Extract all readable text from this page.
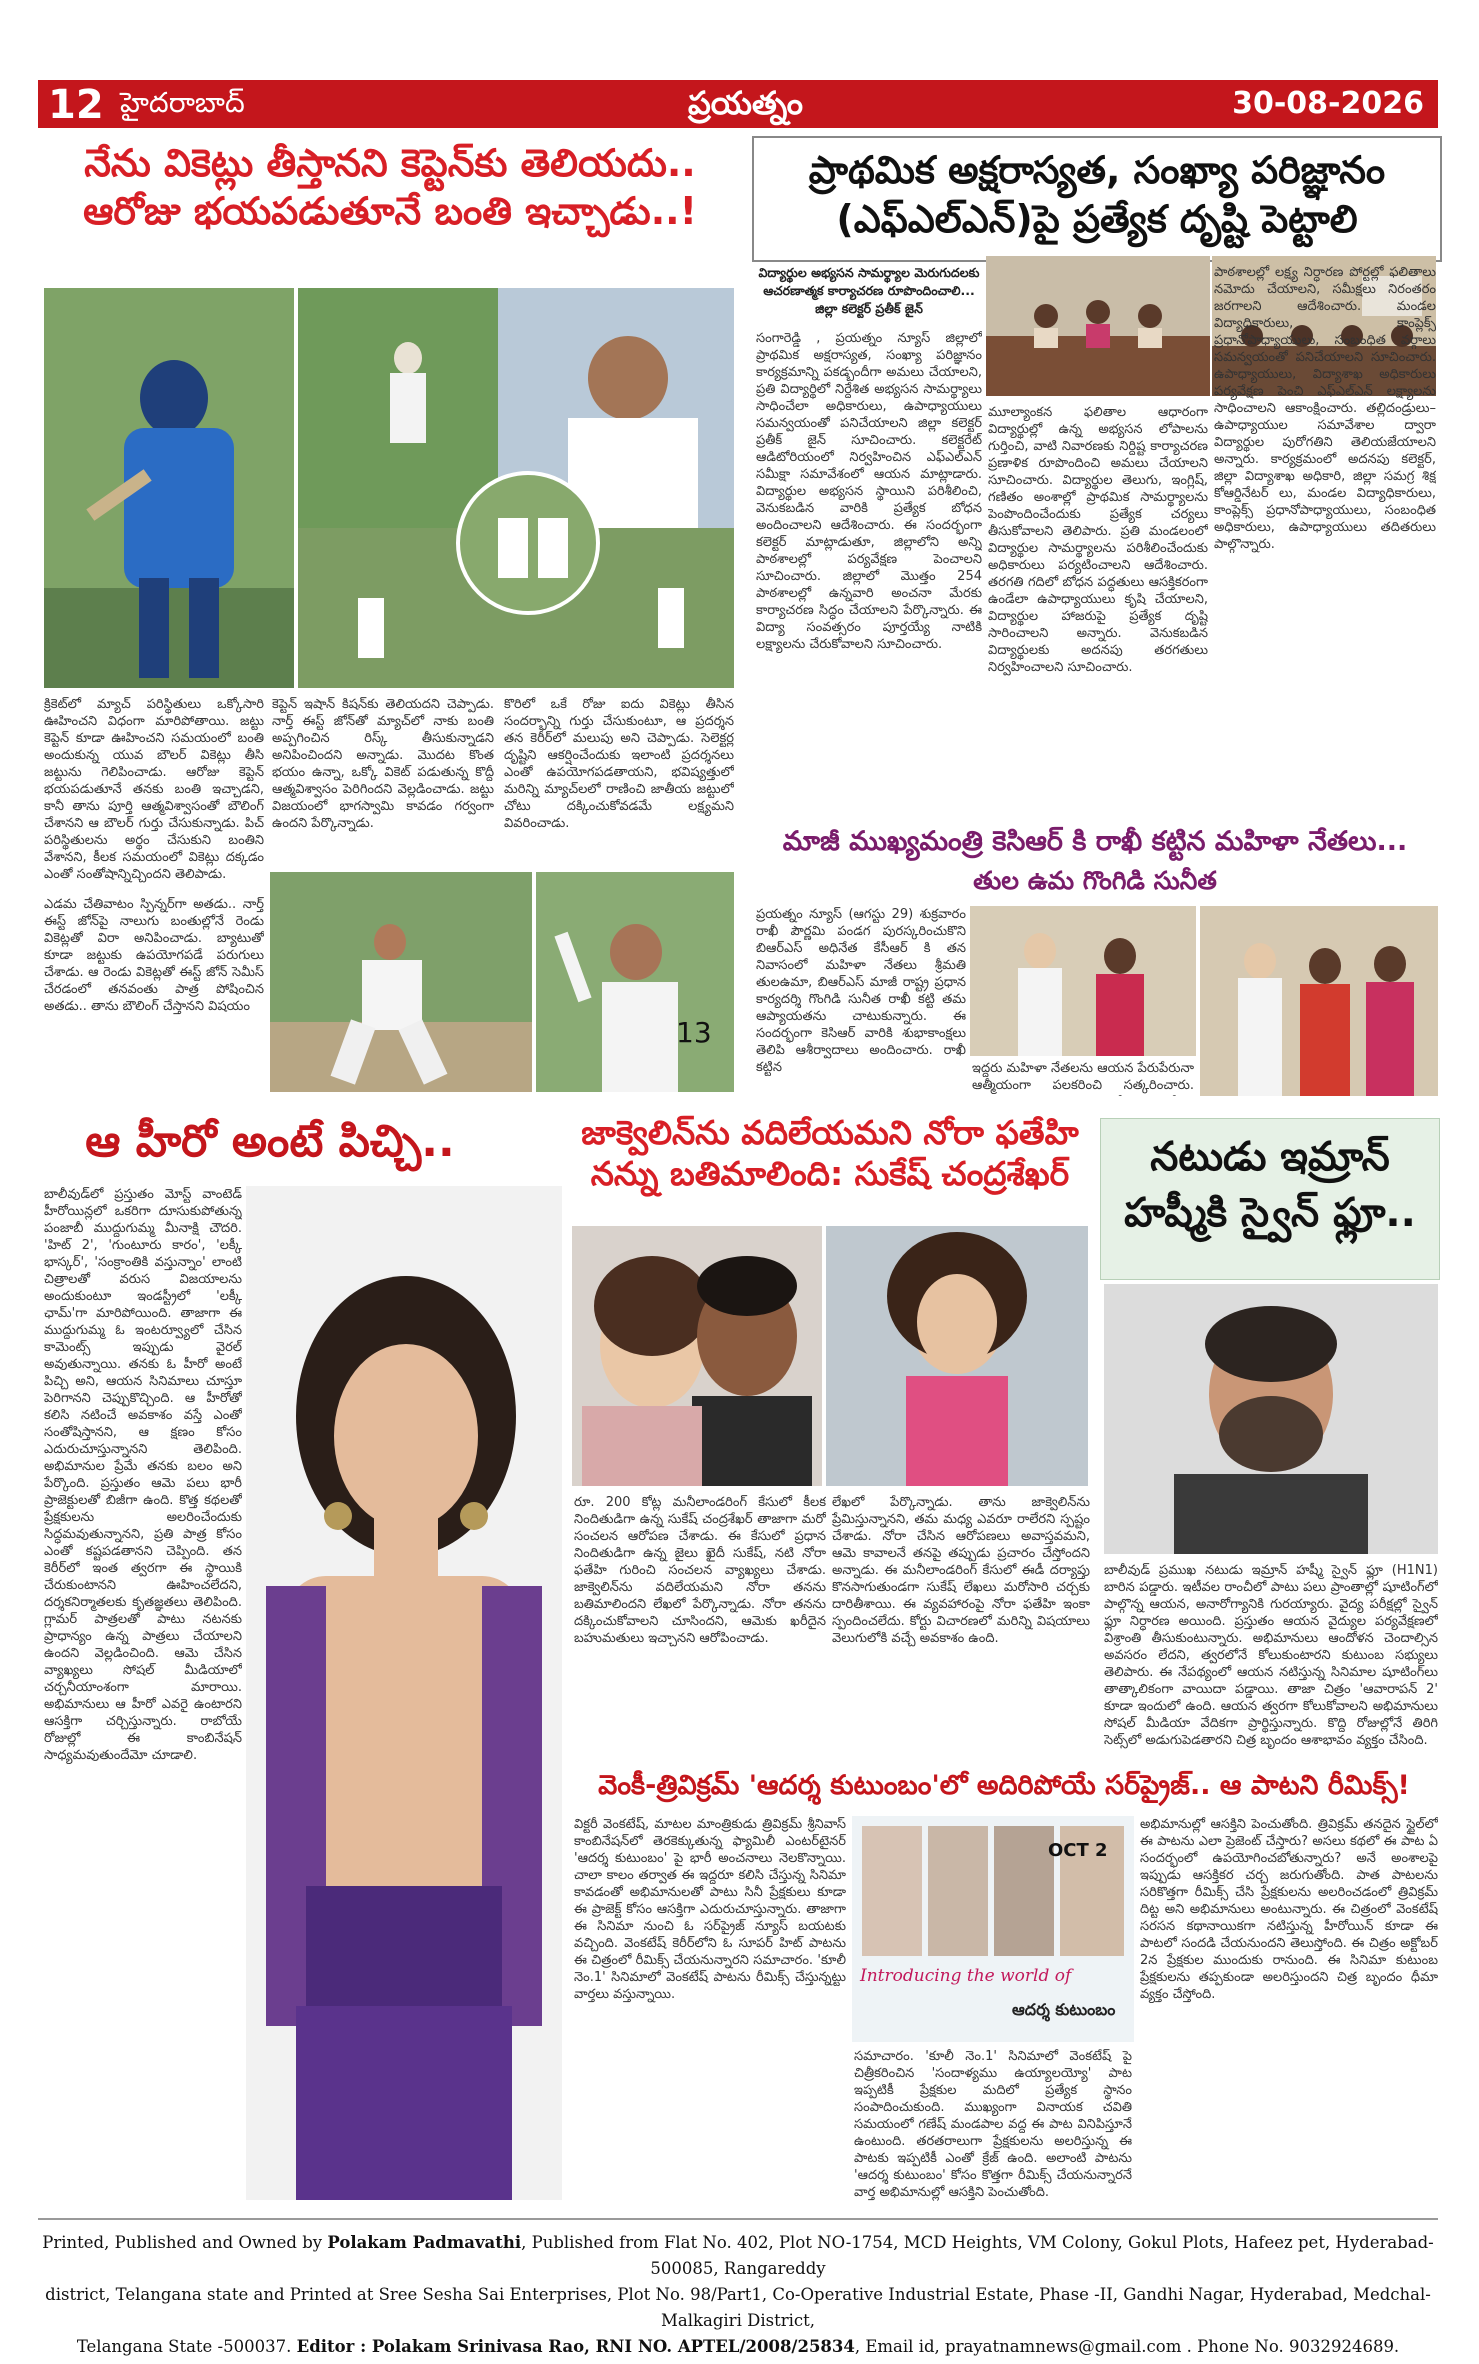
12 హైదరాబాద్	ప్రయత్నం	30-08-2026
నేను వికెట్లు తీస్తానని కెప్టెన్‌కు తెలియదు..
ఆరోజు భయపడుతూనే బంతి ఇచ్చాడు..!
క్రికెట్‌లో మ్యాచ్ పరిస్థితులు ఒక్కోసారి ఊహించని విధంగా మారిపోతాయి. జట్టు కెప్టెన్ కూడా ఊహించని సమయంలో బంతి అందుకున్న యువ బౌలర్ వికెట్లు తీసి జట్టును గెలిపించాడు. ఆరోజు కెప్టెన్ భయపడుతూనే తనకు బంతి ఇచ్చాడని, కానీ తాను పూర్తి ఆత్మవిశ్వాసంతో బౌలింగ్ చేశానని ఆ బౌలర్ గుర్తు చేసుకున్నాడు. పిచ్ పరిస్థితులను అర్థం చేసుకుని బంతిని వేశానని, కీలక సమయంలో వికెట్లు దక్కడం ఎంతో సంతోషాన్నిచ్చిందని తెలిపాడు.
కెప్టెన్ ఇషాన్ కిషన్‌కు తెలియదని చెప్పాడు. నార్త్ ఈస్ట్ జోన్‌తో మ్యాచ్‌లో నాకు బంతి అప్పగించిన రిస్క్ తీసుకున్నాడని అనిపించిందని అన్నాడు. మొదట కొంత భయం ఉన్నా, ఒక్కో వికెట్ పడుతున్న కొద్దీ ఆత్మవిశ్వాసం పెరిగిందని వెల్లడించాడు. జట్టు విజయంలో భాగస్వామి కావడం గర్వంగా ఉందని పేర్కొన్నాడు.
కొరిలో ఒకే రోజు ఐదు వికెట్లు తీసిన సందర్భాన్ని గుర్తు చేసుకుంటూ, ఆ ప్రదర్శన తన కెరీర్‌లో మలుపు అని చెప్పాడు. సెలెక్టర్ల దృష్టిని ఆకర్షించేందుకు ఇలాంటి ప్రదర్శనలు ఎంతో ఉపయోగపడతాయని, భవిష్యత్తులో మరిన్ని మ్యాచ్‌లలో రాణించి జాతీయ జట్టులో చోటు దక్కించుకోవడమే లక్ష్యమని వివరించాడు.
ఎడమ చేతివాటం స్పిన్నర్‌గా అతడు.. నార్త్ ఈస్ట్ జోన్‌పై నాలుగు బంతుల్లోనే రెండు వికెట్లతో విరా అనిపించాడు. బ్యాటుతో కూడా జట్టుకు ఉపయోగపడే పరుగులు చేశాడు. ఆ రెండు వికెట్లతో ఈస్ట్ జోన్ సెమీస్ చేరడంలో తనవంతు పాత్ర పోషించిన అతడు.. తాను బౌలింగ్ చేస్తానని విషయం
13
ప్రాథమిక అక్షరాస్యత, సంఖ్యా పరిజ్ఞానం
(ఎఫ్ఎల్ఎన్)పై ప్రత్యేక దృష్టి పెట్టాలి
విద్యార్థుల అభ్యసన సామర్థ్యాల మెరుగుదలకు ఆచరణాత్మక కార్యాచరణ రూపొందించాలి... జిల్లా కలెక్టర్ ప్రతీక్ జైన్
సంగారెడ్డి , ప్రయత్నం న్యూస్ జిల్లాలో ప్రాథమిక అక్షరాస్యత, సంఖ్యా పరిజ్ఞానం కార్యక్రమాన్ని పకడ్బందీగా అమలు చేయాలని, ప్రతి విద్యార్థిలో నిర్దేశిత అభ్యసన సామర్థ్యాలు సాధించేలా అధికారులు, ఉపాధ్యాయులు సమన్వయంతో పనిచేయాలని జిల్లా కలెక్టర్ ప్రతీక్ జైన్ సూచించారు. కలెక్టరేట్ ఆడిటోరియంలో నిర్వహించిన ఎఫ్ఎల్ఎన్ సమీక్షా సమావేశంలో ఆయన మాట్లాడారు. విద్యార్థుల అభ్యసన స్థాయిని పరిశీలించి, వెనుకబడిన వారికి ప్రత్యేక బోధన అందించాలని ఆదేశించారు. ఈ సందర్భంగా కలెక్టర్ మాట్లాడుతూ, జిల్లాలోని అన్ని పాఠశాలల్లో పర్యవేక్షణ పెంచాలని సూచించారు. జిల్లాలో మొత్తం 254 పాఠశాలల్లో ఉన్నవారి అంచనా మేరకు కార్యాచరణ సిద్ధం చేయాలని పేర్కొన్నారు. ఈ విద్యా సంవత్సరం పూర్తయ్యే నాటికి లక్ష్యాలను చేరుకోవాలని సూచించారు.
మూల్యాంకన ఫలితాల ఆధారంగా విద్యార్థుల్లో ఉన్న అభ్యసన లోపాలను గుర్తించి, వాటి నివారణకు నిర్దిష్ట కార్యాచరణ ప్రణాళిక రూపొందించి అమలు చేయాలని సూచించారు. విద్యార్థుల తెలుగు, ఇంగ్లిష్, గణితం అంశాల్లో ప్రాథమిక సామర్థ్యాలను పెంపొందించేందుకు ప్రత్యేక చర్యలు తీసుకోవాలని తెలిపారు. ప్రతి మండలంలో విద్యార్థుల సామర్థ్యాలను పరిశీలించేందుకు అధికారులు పర్యటించాలని ఆదేశించారు. తరగతి గదిలో బోధన పద్ధతులు ఆసక్తికరంగా ఉండేలా ఉపాధ్యాయులు కృషి చేయాలని, విద్యార్థుల హాజరుపై ప్రత్యేక దృష్టి సారించాలని అన్నారు. వెనుకబడిన విద్యార్థులకు అదనపు తరగతులు నిర్వహించాలని సూచించారు.
పాఠశాలల్లో లక్ష్య నిర్ధారణ పోర్టల్లో ఫలితాలు నమోదు చేయాలని, సమీక్షలు నిరంతరం జరగాలని ఆదేశించారు. మండల విద్యాధికారులు, కాంప్లెక్స్ ప్రధానోపాధ్యాయులు, సంబంధిత వర్గాలు సమన్వయంతో పనిచేయాలని సూచించారు. ఉపాధ్యాయులు, విద్యాశాఖ అధికారులు పర్యవేక్షణ పెంచి ఎఫ్ఎల్ఎన్ లక్ష్యాలను సాధించాలని ఆకాంక్షించారు. తల్లిదండ్రులు–ఉపాధ్యాయుల సమావేశాల ద్వారా విద్యార్థుల పురోగతిని తెలియజేయాలని అన్నారు. కార్యక్రమంలో అదనపు కలెక్టర్, జిల్లా విద్యాశాఖ అధికారి, జిల్లా సమగ్ర శిక్ష కోఆర్డినేటర్ లు, మండల విద్యాధికారులు, కాంప్లెక్స్ ప్రధానోపాధ్యాయులు, సంబంధిత అధికారులు, ఉపాధ్యాయులు తదితరులు పాల్గొన్నారు.
మాజీ ముఖ్యమంత్రి కెసిఆర్ కి రాఖీ కట్టిన మహిళా నేతలు...
తుల ఉమ గొంగిడి సునీత
ప్రయత్నం న్యూస్ (ఆగస్టు 29) శుక్రవారం రాఖీ పౌర్ణమి పండగ పురస్కరించుకొని బిఆర్ఎస్ అధినేత కేసీఆర్ కి తన నివాసంలో మహిళా నేతలు శ్రీమతి తులఉమా, బిఆర్ఎస్ మాజీ రాష్ట్ర ప్రధాన కార్యదర్శి గొంగిడి సునీత రాఖీ కట్టి తమ ఆప్యాయతను చాటుకున్నారు. ఈ సందర్భంగా కెసిఆర్ వారికి శుభాకాంక్షలు తెలిపి ఆశీర్వాదాలు అందించారు. రాఖీ కట్టిన	ఇద్దరు మహిళా నేతలను ఆయన పేరుపేరునా ఆత్మీయంగా పలకరించి సత్కరించారు.
ఆ హీరో అంటే పిచ్చి..
బాలీవుడ్‌లో ప్రస్తుతం మోస్ట్ వాంటెడ్ హీరోయిన్లలో ఒకరిగా దూసుకుపోతున్న పంజాబీ ముద్దుగుమ్మ మీనాక్షి చౌదరి. 'హిట్ 2', 'గుంటూరు కారం', 'లక్కీ భాస్కర్', 'సంక్రాంతికి వస్తున్నాం' లాంటి చిత్రాలతో వరుస విజయాలను అందుకుంటూ ఇండస్ట్రీలో 'లక్కీ ఛామ్'గా మారిపోయింది. తాజాగా ఈ ముద్దుగుమ్మ ఓ ఇంటర్వ్యూలో చేసిన కామెంట్స్ ఇప్పుడు వైరల్ అవుతున్నాయి. తనకు ఓ హీరో అంటే పిచ్చి అని, ఆయన సినిమాలు చూస్తూ పెరిగానని చెప్పుకొచ్చింది. ఆ హీరోతో కలిసి నటించే అవకాశం వస్తే ఎంతో సంతోషిస్తానని, ఆ క్షణం కోసం ఎదురుచూస్తున్నానని తెలిపింది. అభిమానుల ప్రేమే తనకు బలం అని పేర్కొంది. ప్రస్తుతం ఆమె పలు భారీ ప్రాజెక్టులతో బిజీగా ఉంది. కొత్త కథలతో ప్రేక్షకులను అలరించేందుకు సిద్ధమవుతున్నానని, ప్రతి పాత్ర కోసం ఎంతో కష్టపడతానని చెప్పింది. తన కెరీర్‌లో ఇంత త్వరగా ఈ స్థాయికి చేరుకుంటానని ఊహించలేదని, దర్శకనిర్మాతలకు కృతజ్ఞతలు తెలిపింది. గ్లామర్ పాత్రలతో పాటు నటనకు ప్రాధాన్యం ఉన్న పాత్రలు చేయాలని ఉందని వెల్లడించింది. ఆమె చేసిన వ్యాఖ్యలు సోషల్ మీడియాలో చర్చనీయాంశంగా మారాయి. అభిమానులు ఆ హీరో ఎవరై ఉంటారని ఆసక్తిగా చర్చిస్తున్నారు. రాబోయే రోజుల్లో ఈ కాంబినేషన్ సాధ్యమవుతుందేమో చూడాలి.
జాక్వెలిన్‌ను వదిలేయమని నోరా ఫతేహి
నన్ను బతిమాలింది: సుకేష్ చంద్రశేఖర్
రూ. 200 కోట్ల మనీలాండరింగ్ కేసులో కీలక నిందితుడిగా ఉన్న సుకేష్ చంద్రశేఖర్ తాజాగా మరో సంచలన ఆరోపణ చేశాడు. ఈ కేసులో ప్రధాన నిందితుడిగా ఉన్న జైలు ఖైదీ సుకేష్, నటి నోరా ఫతేహి గురించి సంచలన వ్యాఖ్యలు చేశాడు. జాక్వెలిన్‌ను వదిలేయమని నోరా తనను బతిమాలిందని లేఖలో పేర్కొన్నాడు. నోరా తనను దక్కించుకోవాలని చూసిందని, ఆమెకు ఖరీదైన బహుమతులు ఇచ్చానని ఆరోపించాడు.
లేఖలో పేర్కొన్నాడు. తాను జాక్వెలిన్‌ను ప్రేమిస్తున్నానని, తమ మధ్య ఎవరూ రాలేరని స్పష్టం చేశాడు. నోరా చేసిన ఆరోపణలు అవాస్తవమని, ఆమె కావాలనే తనపై తప్పుడు ప్రచారం చేస్తోందని అన్నాడు. ఈ మనీలాండరింగ్ కేసులో ఈడీ దర్యాప్తు కొనసాగుతుండగా సుకేష్ లేఖలు మరోసారి చర్చకు దారితీశాయి. ఈ వ్యవహారంపై నోరా ఫతేహి ఇంకా స్పందించలేదు. కోర్టు విచారణలో మరిన్ని విషయాలు వెలుగులోకి వచ్చే అవకాశం ఉంది.
నటుడు ఇమ్రాన్
హష్మీకి స్వైన్ ఫ్లూ..
బాలీవుడ్ ప్రముఖ నటుడు ఇమ్రాన్ హష్మీ స్వైన్ ఫ్లూ (H1N1) బారిన పడ్డారు. ఇటీవల రాంచీలో పాటు పలు ప్రాంతాల్లో షూటింగ్‌లో పాల్గొన్న ఆయన, అనారోగ్యానికి గురయ్యారు. వైద్య పరీక్షల్లో స్వైన్ ఫ్లూ నిర్ధారణ అయింది. ప్రస్తుతం ఆయన వైద్యుల పర్యవేక్షణలో విశ్రాంతి తీసుకుంటున్నారు. అభిమానులు ఆందోళన చెందాల్సిన అవసరం లేదని, త్వరలోనే కోలుకుంటారని కుటుంబ సభ్యులు తెలిపారు. ఈ నేపథ్యంలో ఆయన నటిస్తున్న సినిమాల షూటింగ్‌లు తాత్కాలికంగా వాయిదా పడ్డాయి. తాజా చిత్రం 'ఆవారాపన్ 2' కూడా ఇందులో ఉంది. ఆయన త్వరగా కోలుకోవాలని అభిమానులు సోషల్ మీడియా వేదికగా ప్రార్థిస్తున్నారు. కొద్ది రోజుల్లోనే తిరిగి సెట్స్‌లో అడుగుపెడతారని చిత్ర బృందం ఆశాభావం వ్యక్తం చేసింది.
వెంకీ-త్రివిక్రమ్ 'ఆదర్శ కుటుంబం'లో అదిరిపోయే సర్‌ప్రైజ్.. ఆ పాటని రీమిక్స్!
విక్టరీ వెంకటేష్, మాటల మాంత్రికుడు త్రివిక్రమ్ శ్రీనివాస్ కాంబినేషన్‌లో తెరకెక్కుతున్న ఫ్యామిలీ ఎంటర్‌టైనర్ 'ఆదర్శ కుటుంబం' పై భారీ అంచనాలు నెలకొన్నాయి. చాలా కాలం తర్వాత ఈ ఇద్దరూ కలిసి చేస్తున్న సినిమా కావడంతో అభిమానులతో పాటు సినీ ప్రేక్షకులు కూడా ఈ ప్రాజెక్ట్ కోసం ఆసక్తిగా ఎదురుచూస్తున్నారు. తాజాగా ఈ సినిమా నుంచి ఓ సర్‌ప్రైజ్ న్యూస్ బయటకు వచ్చింది. వెంకటేష్ కెరీర్‌లోని ఓ సూపర్ హిట్ పాటను ఈ చిత్రంలో రీమిక్స్ చేయనున్నారని సమాచారం. 'కూలీ నెం.1' సినిమాలో వెంకటేష్ పాటను రీమిక్స్ చేస్తున్నట్టు వార్తలు వస్తున్నాయి.
OCT 2
Introducing the world of
ఆదర్శ కుటుంబం
సమాచారం. 'కూలీ నెం.1' సినిమాలో వెంకటేష్ పై చిత్రీకరించిన 'సందాళ్యము ఉయ్యాలయ్యో' పాట ఇప్పటికీ ప్రేక్షకుల మదిలో ప్రత్యేక స్థానం సంపాదించుకుంది. ముఖ్యంగా వినాయక చవితి సమయంలో గణేష్ మండపాల వద్ద ఈ పాట వినిపిస్తూనే ఉంటుంది. తరతరాలుగా ప్రేక్షకులను అలరిస్తున్న ఈ పాటకు ఇప్పటికీ ఎంతో క్రేజ్ ఉంది. అలాంటి పాటను 'ఆదర్శ కుటుంబం' కోసం కొత్తగా రీమిక్స్ చేయనున్నారనే వార్త అభిమానుల్లో ఆసక్తిని పెంచుతోంది.
అభిమానుల్లో ఆసక్తిని పెంచుతోంది. త్రివిక్రమ్ తనదైన స్టైల్‌లో ఈ పాటను ఎలా ప్రెజెంట్ చేస్తారు? అసలు కథలో ఈ పాట ఏ సందర్భంలో ఉపయోగించబోతున్నారు? అనే అంశాలపై ఇప్పుడు ఆసక్తికర చర్చ జరుగుతోంది. పాత పాటలను సరికొత్తగా రీమిక్స్ చేసి ప్రేక్షకులను అలరించడంలో త్రివిక్రమ్ దిట్ట అని అభిమానులు అంటున్నారు. ఈ చిత్రంలో వెంకటేష్ సరసన కథానాయికగా నటిస్తున్న హీరోయిన్ కూడా ఈ పాటలో సందడి చేయనుందని తెలుస్తోంది. ఈ చిత్రం అక్టోబర్ 2న ప్రేక్షకుల ముందుకు రానుంది. ఈ సినిమా కుటుంబ ప్రేక్షకులను తప్పకుండా అలరిస్తుందని చిత్ర బృందం ధీమా వ్యక్తం చేస్తోంది.
Printed, Published and Owned by Polakam Padmavathi, Published from Flat No. 402, Plot NO-1754, MCD Heights, VM Colony, Gokul Plots, Hafeez pet, Hyderabad-500085, Rangareddy
district, Telangana state and Printed at Sree Sesha Sai Enterprises, Plot No. 98/Part1, Co-Operative Industrial Estate, Phase -II, Gandhi Nagar, Hyderabad, Medchal-Malkagiri District,
Telangana State -500037. Editor : Polakam Srinivasa Rao, RNI NO. APTEL/2008/25834, Email id, prayatnamnews@gmail.com . Phone No. 9032924689.
